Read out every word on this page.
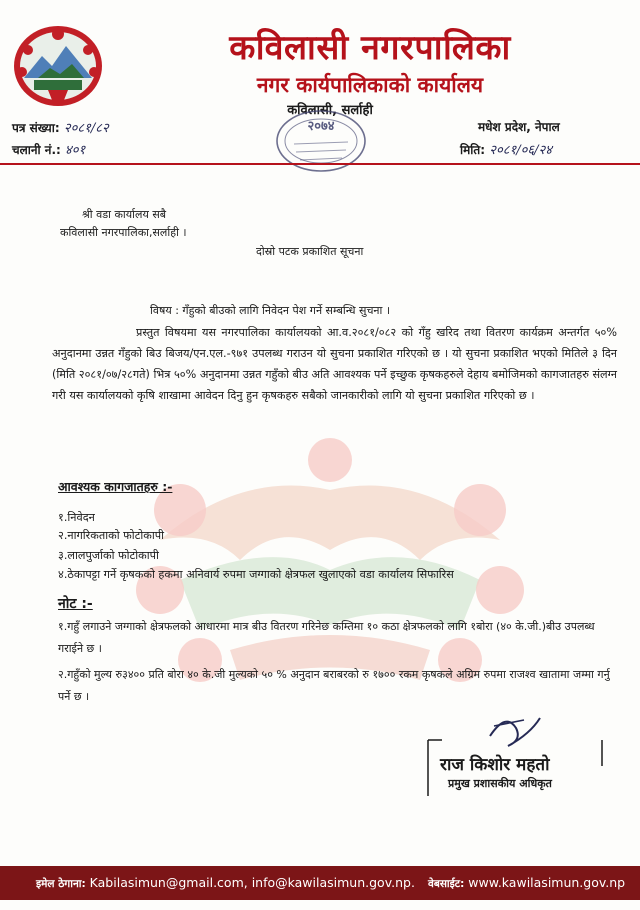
कविलासी नगरपालिका
नगर कार्यपालिकाको कार्यालय
कविलासी, सर्लाही
पत्र संख्या: २०८१/८२
चलानी नं.: ४०१
मधेश प्रदेश, नेपाल
मिति: २०८१/०६/२४
२०७४
श्री वडा कार्यालय सबै
कविलासी नगरपालिका,सर्लाही ।
दोस्रो पटक प्रकाशित सूचना
विषय : गँहुको बीउको लागि निवेदन पेश गर्ने सम्बन्धि सुचना ।
प्रस्तुत विषयमा यस नगरपालिका कार्यालयको आ.व.२०८१/०८२ को गँहु खरिद तथा वितरण कार्यक्रम अन्तर्गत ५०% अनुदानमा उन्नत गँहुको बिउ बिजय/एन.एल.-९७१ उपलब्ध गराउन यो सुचना प्रकाशित गरिएको छ । यो सुचना प्रकाशित भएको मितिले ३ दिन (मिति २०८१/०७/२८गते) भित्र ५०% अनुदानमा उन्नत गहुँको बीउ अति आवश्यक पर्ने इच्छुक कृषकहरुले देहाय बमोजिमको कागजातहरु संलग्न गरी यस कार्यालयको कृषि शाखामा आवेदन दिनु हुन कृषकहरु सबैको जानकारीको लागि यो सुचना प्रकाशित गरिएको छ ।
आवश्यक कागजातहरु :-
१.निवेदन
२.नागरिकताको फोटोकापी
३.लालपुर्जाको फोटोकापी
४.ठेकापट्टा गर्ने कृषकको हकमा अनिवार्य रुपमा जग्गाको क्षेत्रफल खुलाएको वडा कार्यालय सिफारिस
नोट :-
१.गहुँ लगाउने जग्गाको क्षेत्रफलको आधारमा मात्र बीउ वितरण गरिनेछ कम्तिमा १० कठा क्षेत्रफलको लागि १बोरा (४० के.जी.)बीउ उपलब्ध गराईने छ ।
२.गहुँको मुल्य रु३४०० प्रति बोरा ४० के.जी मुल्यको ५० % अनुदान बराबरको रु १७०० रकम कृषकले अग्रिम रुपमा राजश्व खातामा जम्मा गर्नु पर्ने छ ।
राज किशोर महतो
प्रमुख प्रशासकीय अधिकृत
इमेल ठेगाना: Kabilasimun@gmail.com, info@kawilasimun.gov.np. वेबसाईट: www.kawilasimun.gov.np
